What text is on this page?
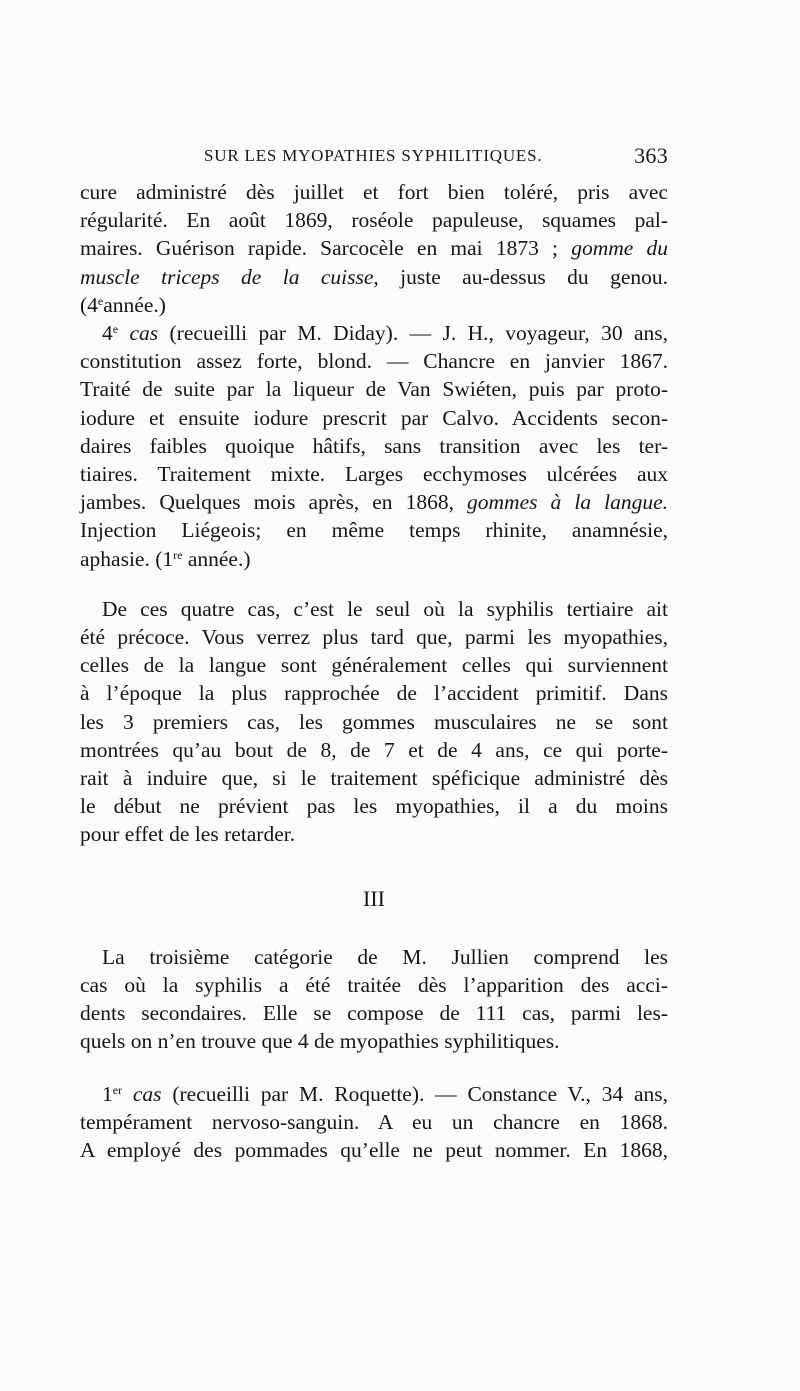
SUR LES MYOPATHIES SYPHILITIQUES.	363

cure administré dès juillet et fort bien toléré, pris avec
régularité. En août 1869, roséole papuleuse, squames pal-
maires. Guérison rapide. Sarcocèle en mai 1873 ; gomme du
muscle triceps de la cuisse, juste au-dessus du genou.
(4eannée.)

4e cas (recueilli par M. Diday). — J. H., voyageur, 30 ans,
constitution assez forte, blond. — Chancre en janvier 1867.
Traité de suite par la liqueur de Van Swiéten, puis par proto-
iodure et ensuite iodure prescrit par Calvo. Accidents secon-
daires faibles quoique hâtifs, sans transition avec les ter-
tiaires. Traitement mixte. Larges ecchymoses ulcérées aux
jambes. Quelques mois après, en 1868, gommes à la langue.
Injection Liégeois; en même temps rhinite, anamnésie,
aphasie. (1re année.)

De ces quatre cas, c’est le seul où la syphilis tertiaire ait
été précoce. Vous verrez plus tard que, parmi les myopathies,
celles de la langue sont généralement celles qui surviennent
à l’époque la plus rapprochée de l’accident primitif. Dans
les 3 premiers cas, les gommes musculaires ne se sont
montrées qu’au bout de 8, de 7 et de 4 ans, ce qui porte-
rait à induire que, si le traitement spéficique administré dès
le début ne prévient pas les myopathies, il a du moins
pour effet de les retarder.

III

La troisième catégorie de M. Jullien comprend les
cas où la syphilis a été traitée dès l’apparition des acci-
dents secondaires. Elle se compose de 111 cas, parmi les-
quels on n’en trouve que 4 de myopathies syphilitiques.

1er cas (recueilli par M. Roquette). — Constance V., 34 ans,
tempérament nervoso-sanguin. A eu un chancre en 1868.
A employé des pommades qu’elle ne peut nommer. En 1868,
